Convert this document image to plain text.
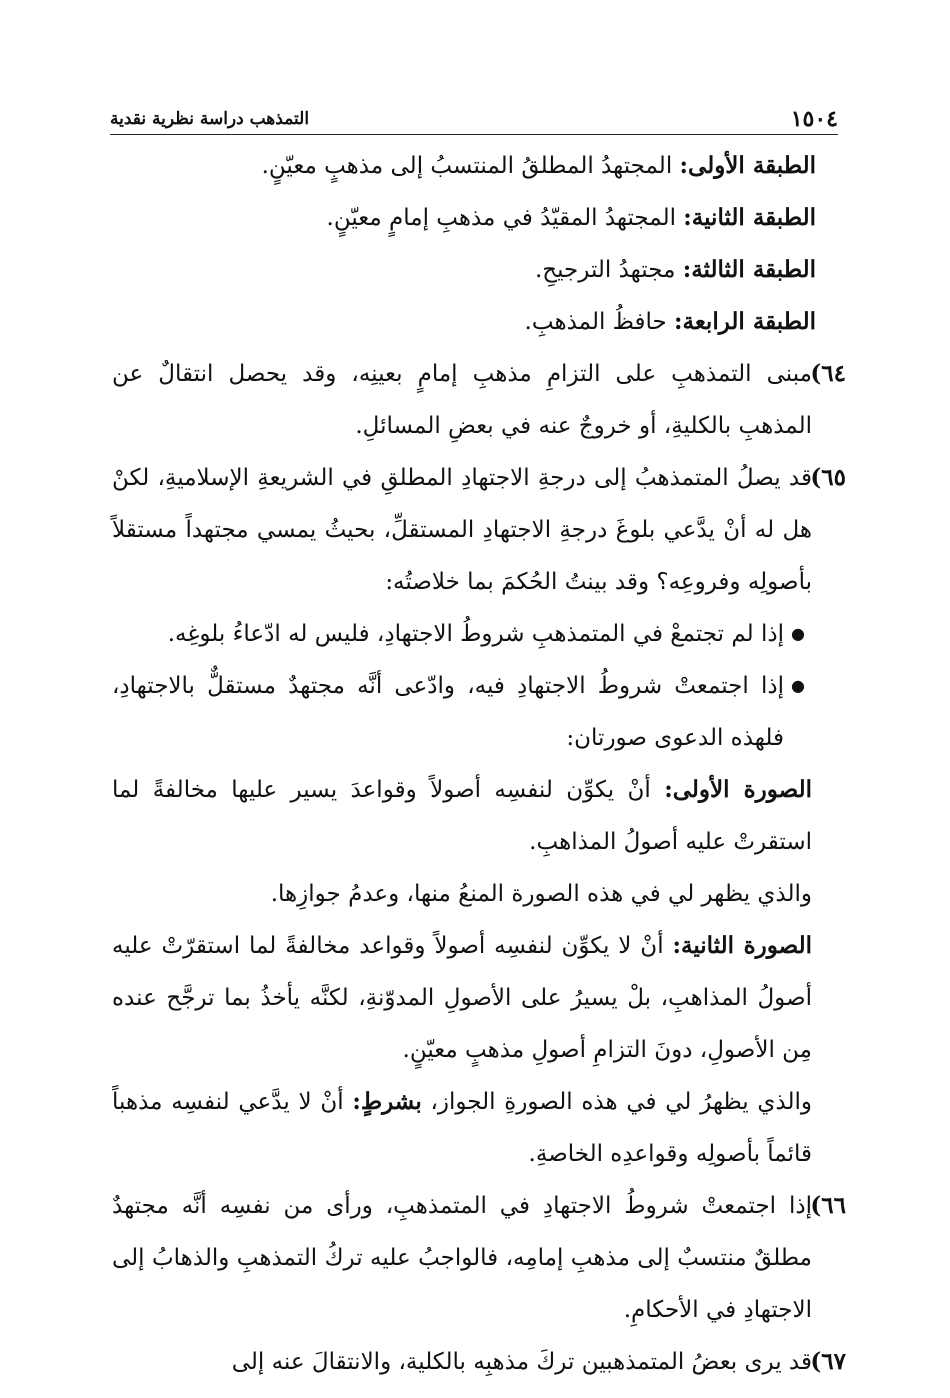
١٥٠٤
التمذهب دراسة نظرية نقدية

الطبقة الأولى: المجتهدُ المطلقُ المنتسبُ إلى مذهبٍ معيّنٍ.

الطبقة الثانية: المجتهدُ المقيّدُ في مذهبِ إمامٍ معيّنٍ.

الطبقة الثالثة: مجتهدُ الترجيحِ.

الطبقة الرابعة: حافظُ المذهبِ.

٦٤)
مبنى التمذهبِ على التزامِ مذهبِ إمامٍ بعينِه، وقد يحصل انتقالٌ عن المذهبِ بالكليةِ، أو خروجٌ عنه في بعضِ المسائلِ.
٦٥)

قد يصلُ المتمذهبُ إلى درجةِ الاجتهادِ المطلقِ في الشريعةِ الإسلاميةِ، لكنْ هل له أنْ يدَّعي بلوغَ درجةِ الاجتهادِ المستقلِّ، بحيثُ يمسي مجتهداً مستقلاً بأصولِه وفروعِه؟ وقد بينتُ الحُكمَ بما خلاصتُه:

●
إذا لم تجتمعْ في المتمذهبِ شروطُ الاجتهادِ، فليس له ادّعاءُ بلوغِه.
●
إذا اجتمعتْ شروطُ الاجتهادِ فيه، وادّعى أنَّه مجتهدٌ مستقلٌّ بالاجتهادِ، فلهذه الدعوى صورتان:

الصورة الأولى: أنْ يكوِّن لنفسِه أصولاً وقواعدَ يسير عليها مخالفةً لما استقرتْ عليه أصولُ المذاهبِ.

والذي يظهر لي في هذه الصورة المنعُ منها، وعدمُ جوازِها.

الصورة الثانية: أنْ لا يكوِّن لنفسِه أصولاً وقواعد مخالفةً لما استقرّتْ عليه أصولُ المذاهبِ، بلْ يسيرُ على الأصولِ المدوّنةِ، لكنَّه يأخذُ بما ترجَّح عنده مِن الأصولِ، دونَ التزامِ أصولِ مذهبٍ معيّنٍ.

والذي يظهرُ لي في هذه الصورةِ الجواز، بشرطٍ: أنْ لا يدَّعي لنفسِه مذهباً قائماً بأصولِه وقواعدِه الخاصةِ.

٦٦)
إذا اجتمعتْ شروطُ الاجتهادِ في المتمذهبِ، ورأى من نفسِه أنَّه مجتهدٌ مطلقٌ منتسبٌ إلى مذهبِ إمامِه، فالواجبُ عليه تركُ التمذهبِ والذهابُ إلى الاجتهادِ في الأحكامِ.
٦٧)
قد يرى بعضُ المتمذهبين تركَ مذهبِه بالكلية، والانتقالَ عنه إلى
